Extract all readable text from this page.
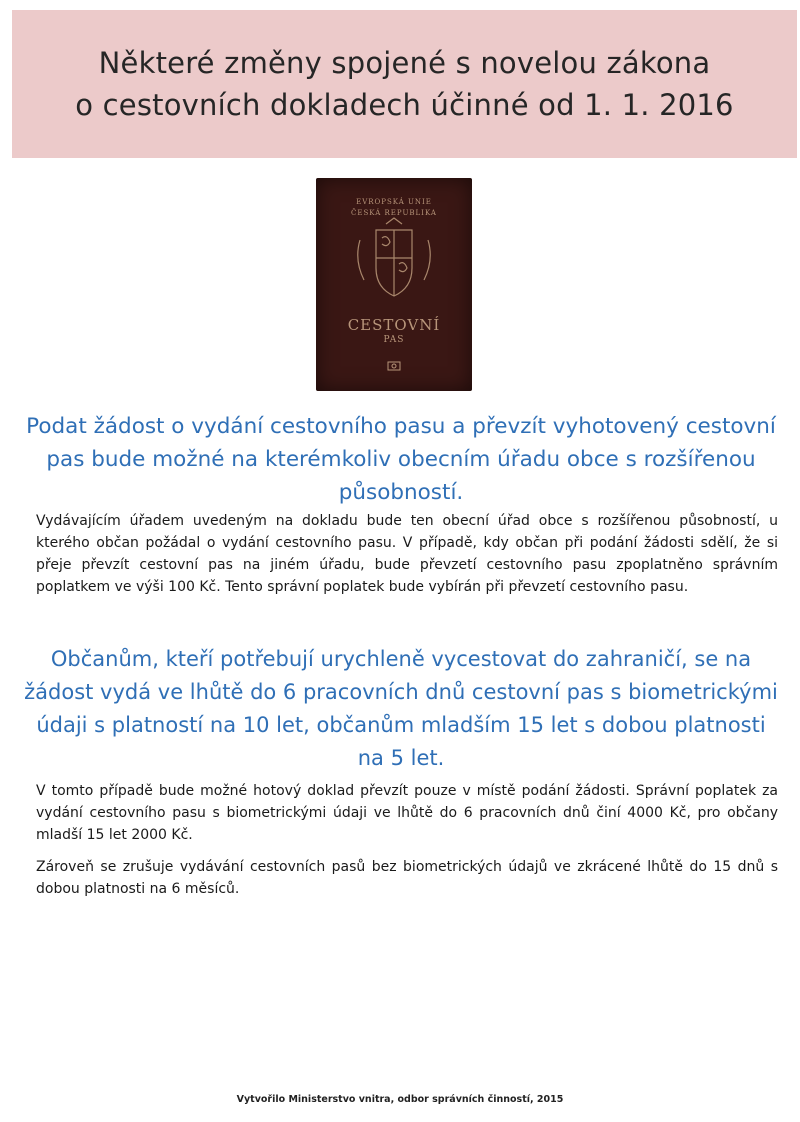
Některé změny spojené s novelou zákona
o cestovních dokladech účinné od 1. 1. 2016
EVROPSKÁ UNIE
ČESKÁ REPUBLIKA
CESTOVNÍ
PAS

Podat žádost o vydání cestovního pasu a převzít vyhotovený cestovní pas bude možné na kterémkoliv obecním úřadu obce s rozšířenou působností.

Vydávajícím úřadem uvedeným na dokladu bude ten obecní úřad obce s rozšířenou působností, u kterého občan požádal o vydání cestovního pasu. V případě, kdy občan při podání žádosti sdělí, že si přeje převzít cestovní pas na jiném úřadu, bude převzetí cestovního pasu zpoplatněno správním poplatkem ve výši 100 Kč. Tento správní poplatek bude vybírán při převzetí cestovního pasu.

Občanům, kteří potřebují urychleně vycestovat do zahraničí, se na žádost vydá ve lhůtě do 6 pracovních dnů cestovní pas s biometrickými údaji s platností na 10 let, občanům mladším 15 let s dobou platnosti na 5 let.

V tomto případě bude možné hotový doklad převzít pouze v místě podání žádosti. Správní poplatek za vydání cestovního pasu s biometrickými údaji ve lhůtě do 6 pracovních dnů činí 4000 Kč, pro občany mladší 15 let 2000 Kč.

Zároveň se zrušuje vydávání cestovních pasů bez biometrických údajů ve zkrácené lhůtě do 15 dnů s dobou platnosti na 6 měsíců.

Vytvořilo Ministerstvo vnitra, odbor správních činností, 2015
